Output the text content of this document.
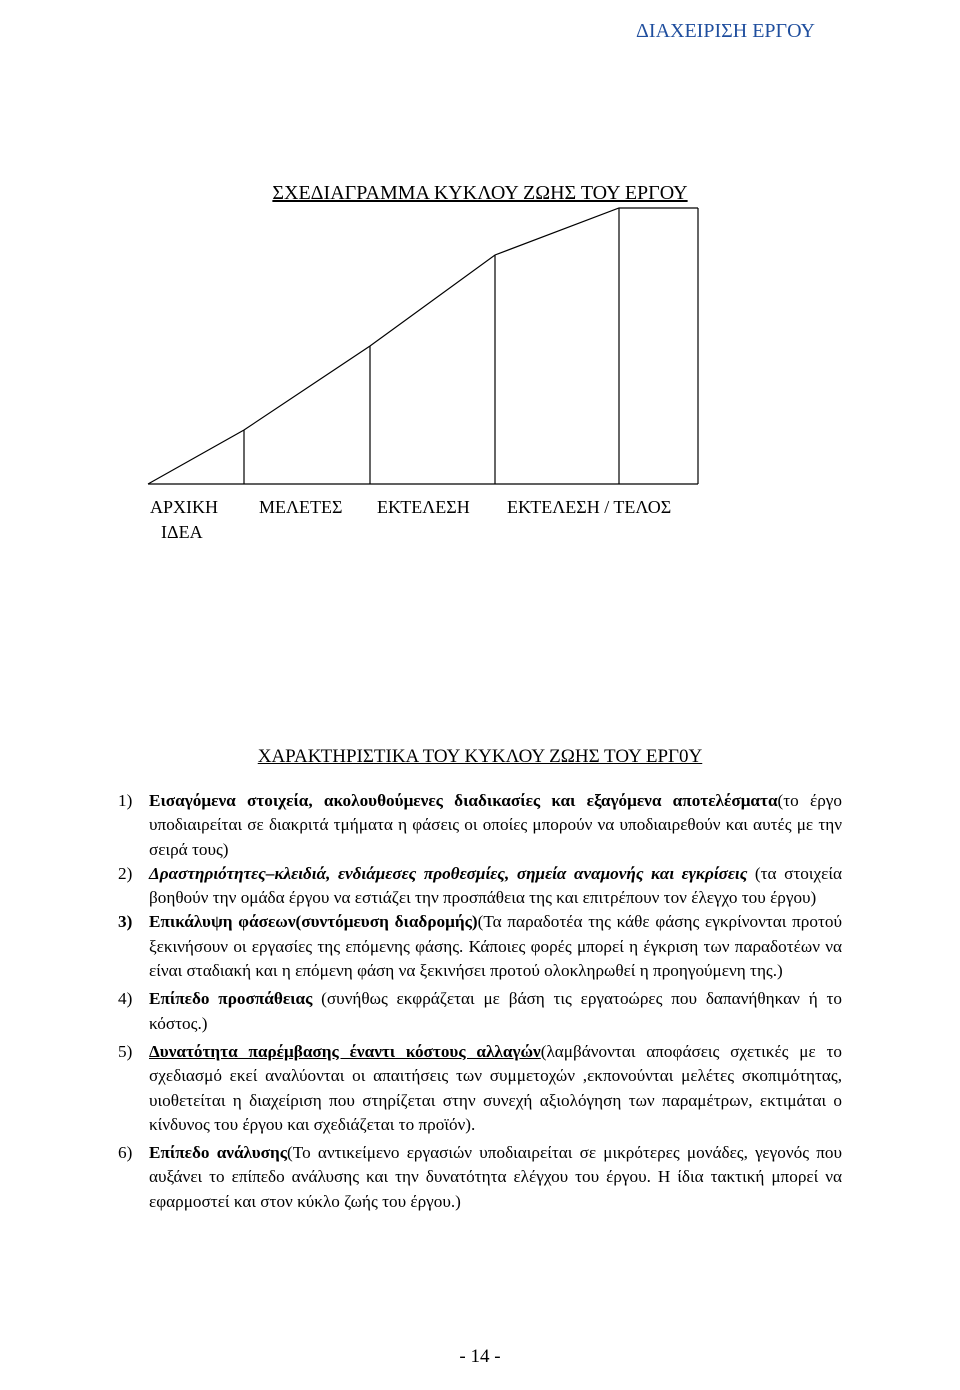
ΔΙΑΧΕΙΡΙΣΗ ΕΡΓΟΥ
ΣΧΕΔΙΑΓΡΑΜΜΑ ΚΥΚΛΟΥ ΖΩΗΣ ΤΟΥ ΕΡΓΟΥ
ΑΡΧΙΚΗ
ΙΔΕΑ
ΜΕΛΕΤΕΣ ΕΚΤΕΛΕΣΗ ΕΚΤΕΛΕΣΗ / ΤΕΛΟΣ
ΧΑΡΑΚΤΗΡΙΣΤΙΚΑ ΤΟΥ ΚΥΚΛΟΥ ΖΩΗΣ ΤΟΥ ΕΡΓ0Υ
1) Εισαγόμενα στοιχεία, ακολουθούμενες διαδικασίες και εξαγόμενα αποτελέσματα(το έργο υποδιαιρείται σε διακριτά τμήματα η φάσεις οι οποίες μπορούν να υποδιαιρεθούν και αυτές με την σειρά τους)
2) Δραστηριότητες–κλειδιά, ενδιάμεσες προθεσμίες, σημεία αναμονής και εγκρίσεις (τα στοιχεία βοηθούν την ομάδα έργου να εστιάζει την προσπάθεια της και επιτρέπουν τον έλεγχο του έργου)
3) Επικάλυψη φάσεων(συντόμευση διαδρομής)(Τα παραδοτέα της κάθε φάσης εγκρίνονται προτού ξεκινήσουν οι εργασίες της επόμενης φάσης. Κάποιες φορές μπορεί η έγκριση των παραδοτέων να είναι σταδιακή και η επόμενη φάση να ξεκινήσει προτού ολοκληρωθεί η προηγούμενη της.)
4) Επίπεδο προσπάθειας (συνήθως εκφράζεται με βάση τις εργατοώρες που δαπανήθηκαν ή το κόστος.)
5) Δυνατότητα παρέμβασης έναντι κόστους αλλαγών(λαμβάνονται αποφάσεις σχετικές με το σχεδιασμό εκεί αναλύονται οι απαιτήσεις των συμμετοχών ,εκπονούνται μελέτες σκοπιμότητας, υιοθετείται η διαχείριση που στηρίζεται στην συνεχή αξιολόγηση των παραμέτρων, εκτιμάται ο κίνδυνος του έργου και σχεδιάζεται το προϊόν).
6) Επίπεδο ανάλυσης(Το αντικείμενο εργασιών υποδιαιρείται σε μικρότερες μονάδες, γεγονός που αυξάνει το επίπεδο ανάλυσης και την δυνατότητα ελέγχου του έργου. Η ίδια τακτική μπορεί να εφαρμοστεί και στον κύκλο ζωής του έργου.)
- 14 -
